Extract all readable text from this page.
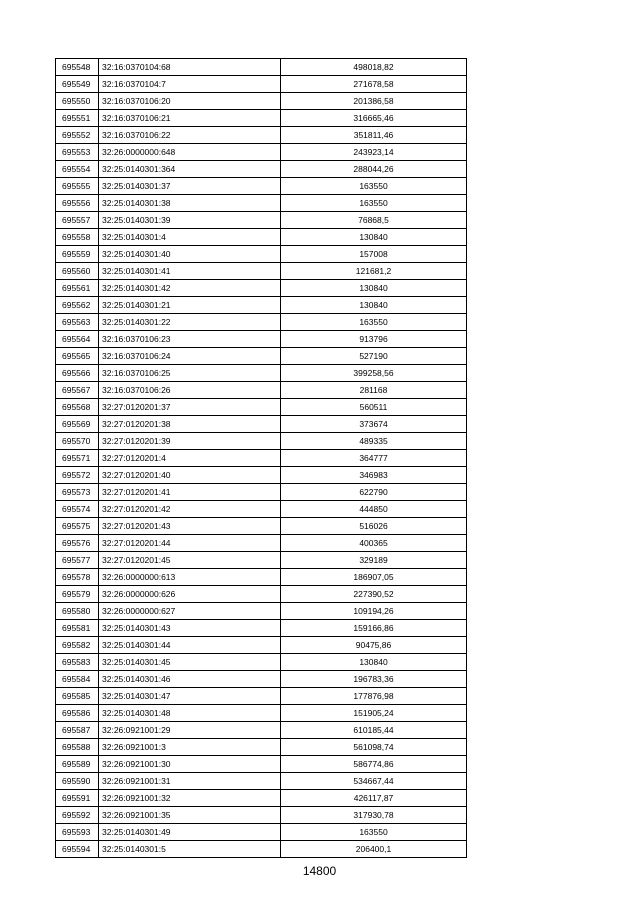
695548	32:16:0370104:68	498018,82
695549	32:16:0370104:7	271678,58
695550	32:16:0370106:20	201386,58
695551	32:16:0370106:21	316665,46
695552	32:16:0370106:22	351811,46
695553	32:26:0000000:648	243923,14
695554	32:25:0140301:364	288044,26
695555	32:25:0140301:37	163550
695556	32:25:0140301:38	163550
695557	32:25:0140301:39	76868,5
695558	32:25:0140301:4	130840
695559	32:25:0140301:40	157008
695560	32:25:0140301:41	121681,2
695561	32:25:0140301:42	130840
695562	32:25:0140301:21	130840
695563	32:25:0140301:22	163550
695564	32:16:0370106:23	913796
695565	32:16:0370106:24	527190
695566	32:16:0370106:25	399258,56
695567	32:16:0370106:26	281168
695568	32:27:0120201:37	560511
695569	32:27:0120201:38	373674
695570	32:27:0120201:39	489335
695571	32:27:0120201:4	364777
695572	32:27:0120201:40	346983
695573	32:27:0120201:41	622790
695574	32:27:0120201:42	444850
695575	32:27:0120201:43	516026
695576	32:27:0120201:44	400365
695577	32:27:0120201:45	329189
695578	32:26:0000000:613	186907,05
695579	32:26:0000000:626	227390,52
695580	32:26:0000000:627	109194,26
695581	32:25:0140301:43	159166,86
695582	32:25:0140301:44	90475,86
695583	32:25:0140301:45	130840
695584	32:25:0140301:46	196783,36
695585	32:25:0140301:47	177876,98
695586	32:25:0140301:48	151905,24
695587	32:26:0921001:29	610185,44
695588	32:26:0921001:3	561098,74
695589	32:26:0921001:30	586774,86
695590	32:26:0921001:31	534667,44
695591	32:26:0921001:32	426117,87
695592	32:26:0921001:35	317930,78
695593	32:25:0140301:49	163550
695594	32:25:0140301:5	206400,1
14800
